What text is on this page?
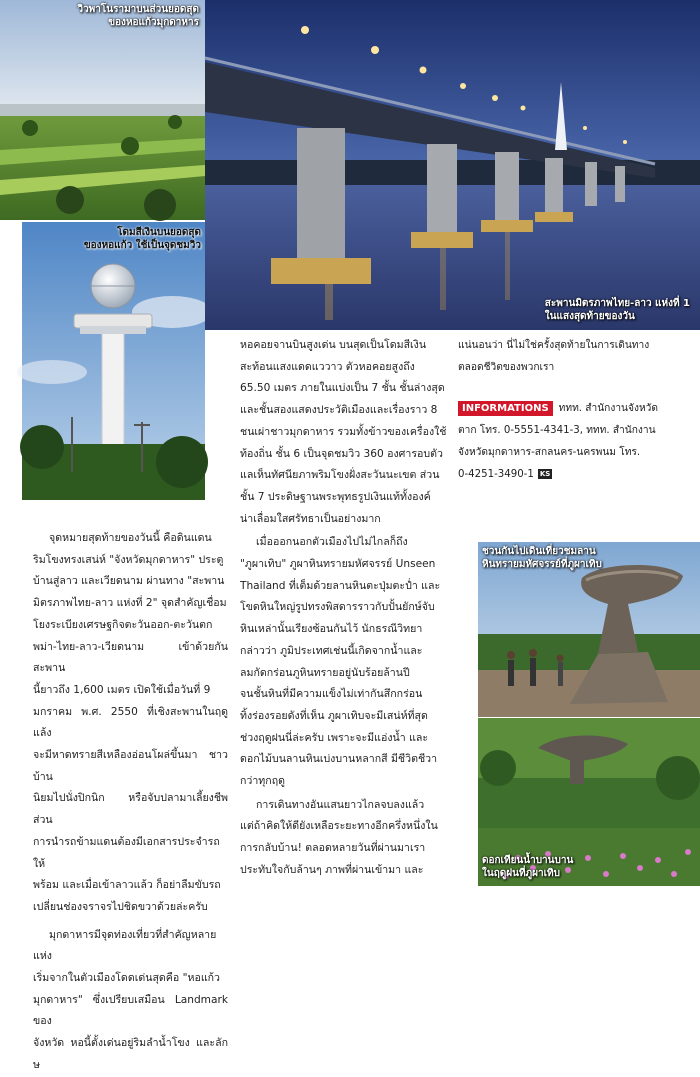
วิวพาโนรามาบนส่วนยอดสุด
ของหอแก้วมุกดาหาร
โดมสีเงินบนยอดสุด
ของหอแก้ว ใช้เป็นจุดชมวิว
สะพานมิตรภาพไทย-ลาว แห่งที่ 1
ในแสงสุดท้ายของวัน
ชวนกันไปเดินเที่ยวชมลาน
หินทรายมหัศจรรย์ที่ภูผาเทิบ
ดอกเทียนน้ำบานบาน
ในฤดูฝนที่ภูผาเทิบ

จุดหมายสุดท้ายของวันนี้ คือดินแดน

ริมโขงทรงเสน่ห์ "จังหวัดมุกดาหาร" ประตู

บ้านสู่ลาว และเวียดนาม ผ่านทาง "สะพาน

มิตรภาพไทย-ลาว แห่งที่ 2" จุดสำคัญเชื่อม

โยงระเบียงเศรษฐกิจตะวันออก-ตะวันตก

พม่า-ไทย-ลาว-เวียดนาม เข้าด้วยกัน สะพาน

นี้ยาวถึง 1,600 เมตร เปิดใช้เมื่อวันที่ 9

มกราคม พ.ศ. 2550 ที่เชิงสะพานในฤดูแล้ง

จะมีหาดทรายสีเหลืองอ่อนโผล่ขึ้นมา ชาวบ้าน

นิยมไปนั่งปิกนิก หรือจับปลามาเลี้ยงชีพ ส่วน

การนำรถข้ามแดนต้องมีเอกสารประจำรถให้

พร้อม และเมื่อเข้าลาวแล้ว ก็อย่าลืมขับรถ

เปลี่ยนช่องจราจรไปชิดขวาด้วยล่ะครับ

มุกดาหารมีจุดท่องเที่ยวที่สำคัญหลายแห่ง

เริ่มจากในตัวเมืองโดดเด่นสุดคือ "หอแก้ว

มุกดาหาร" ซึ่งเปรียบเสมือน Landmark ของ

จังหวัด หอนี้ตั้งเด่นอยู่ริมลำน้ำโขง และลักษ

หอคอยจานบินสูงเด่น บนสุดเป็นโดมสีเงิน

สะท้อนแสงแดดแววาว ตัวหอคอยสูงถึง

65.50 เมตร ภายในแบ่งเป็น 7 ชั้น ชั้นล่างสุด

และชั้นสองแสดงประวัติเมืองและเรื่องราว 8

ชนเผ่าชาวมุกดาหาร รวมทั้งข้าวของเครื่องใช้

ท้องถิ่น ชั้น 6 เป็นจุดชมวิว 360 องศารอบตัว

แลเห็นทัศนียภาพริมโขงฝั่งสะวันนะเขต ส่วน

ชั้น 7 ประดิษฐานพระพุทธรูปเงินแท้ทั้งองค์

น่าเลื่อมใสศรัทธาเป็นอย่างมาก

เมื่อออกนอกตัวเมืองไปไม่ไกลก็ถึง

"ภูผาเทิบ" ภูผาหินทรายมหัศจรรย์ Unseen

Thailand ที่เต็มด้วยลานหินตะปุ่มตะป่ำ และ

โขดหินใหญ่รูปทรงพิสดารราวกับปั้นยักษ์จับ

หินเหล่านั้นเรียงซ้อนกันไว้ นักธรณีวิทยา

กล่าวว่า ภูมิประเทศเช่นนี้เกิดจากน้ำและ

ลมกัดกร่อนภูหินทรายอยู่นับร้อยล้านปี

จนชั้นหินที่มีความแข็งไม่เท่ากันสึกกร่อน

ทิ้งร่องรอยดังที่เห็น ภูผาเทิบจะมีเสน่ห์ที่สุด

ช่วงฤดูฝนนี่ล่ะครับ เพราะจะมีแอ่งน้ำ และ

ดอกไม้บนลานหินเบ่งบานหลากสี มีชีวิตชีวา

กว่าทุกฤดู

การเดินทางอันแสนยาวไกลจบลงแล้ว

แต่ถ้าคิดให้ดียังเหลือระยะทางอีกครึ่งหนึ่งใน

การกลับบ้าน! ตลอดหลายวันที่ผ่านมาเรา

ประทับใจกับล้านๆ ภาพที่ผ่านเข้ามา และ

แน่นอนว่า นี่ไม่ใช่ครั้งสุดท้ายในการเดินทาง

ตลอดชีวิตของพวกเรา

INFORMATIONS ททท. สำนักงานจังหวัด

ตาก โทร. 0-5551-4341-3, ททท. สำนักงาน

จังหวัดมุกดาหาร-สกลนคร-นครพนม โทร.

0-4251-3490-1 KS
